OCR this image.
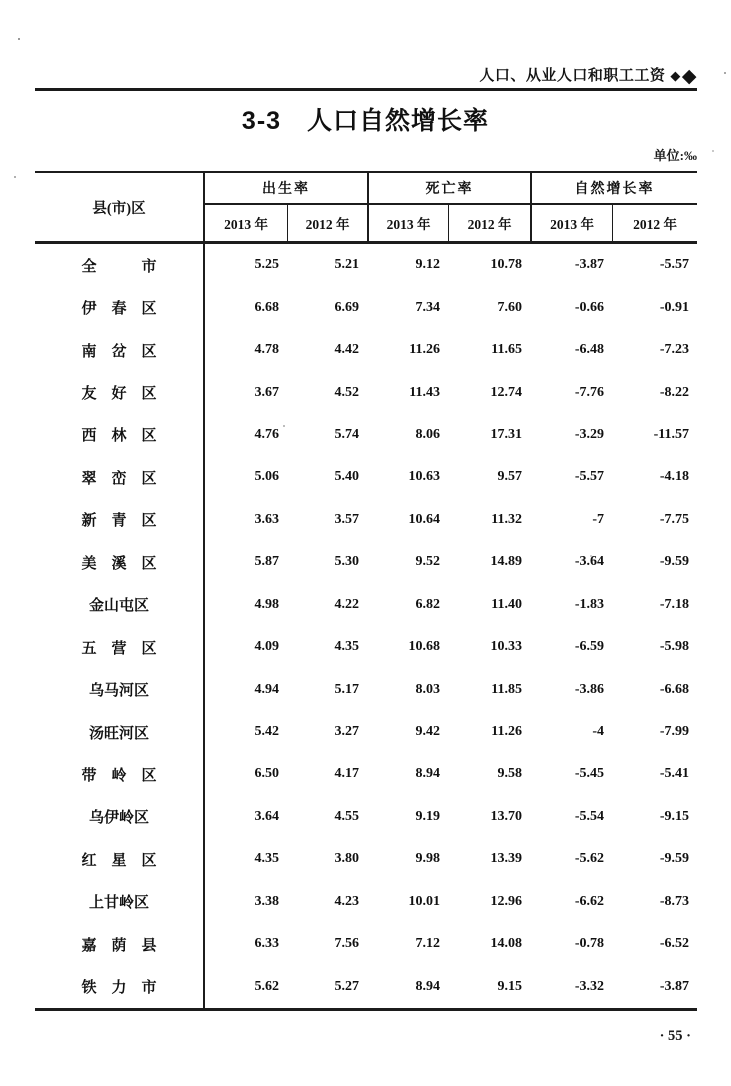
人口、从业人口和职工工资 ◆◆
3-3　人口自然增长率
单位:‰
县(市)区
出生率	死亡率	自然增长率
2013 年	2012 年	2013 年	2012 年	2013 年	2012 年
全　　　市	5.25	5.21	9.12	10.78	-3.87	-5.57
伊　春　区	6.68	6.69	7.34	7.60	-0.66	-0.91
南　岔　区	4.78	4.42	11.26	11.65	-6.48	-7.23
友　好　区	3.67	4.52	11.43	12.74	-7.76	-8.22
西　林　区	4.76	5.74	8.06	17.31	-3.29	-11.57
翠　峦　区	5.06	5.40	10.63	9.57	-5.57	-4.18
新　青　区	3.63	3.57	10.64	11.32	-7	-7.75
美　溪　区	5.87	5.30	9.52	14.89	-3.64	-9.59
金山屯区	4.98	4.22	6.82	11.40	-1.83	-7.18
五　营　区	4.09	4.35	10.68	10.33	-6.59	-5.98
乌马河区	4.94	5.17	8.03	11.85	-3.86	-6.68
汤旺河区	5.42	3.27	9.42	11.26	-4	-7.99
带　岭　区	6.50	4.17	8.94	9.58	-5.45	-5.41
乌伊岭区	3.64	4.55	9.19	13.70	-5.54	-9.15
红　星　区	4.35	3.80	9.98	13.39	-5.62	-9.59
上甘岭区	3.38	4.23	10.01	12.96	-6.62	-8.73
嘉　荫　县	6.33	7.56	7.12	14.08	-0.78	-6.52
铁　力　市	5.62	5.27	8.94	9.15	-3.32	-3.87
· 55 ·
